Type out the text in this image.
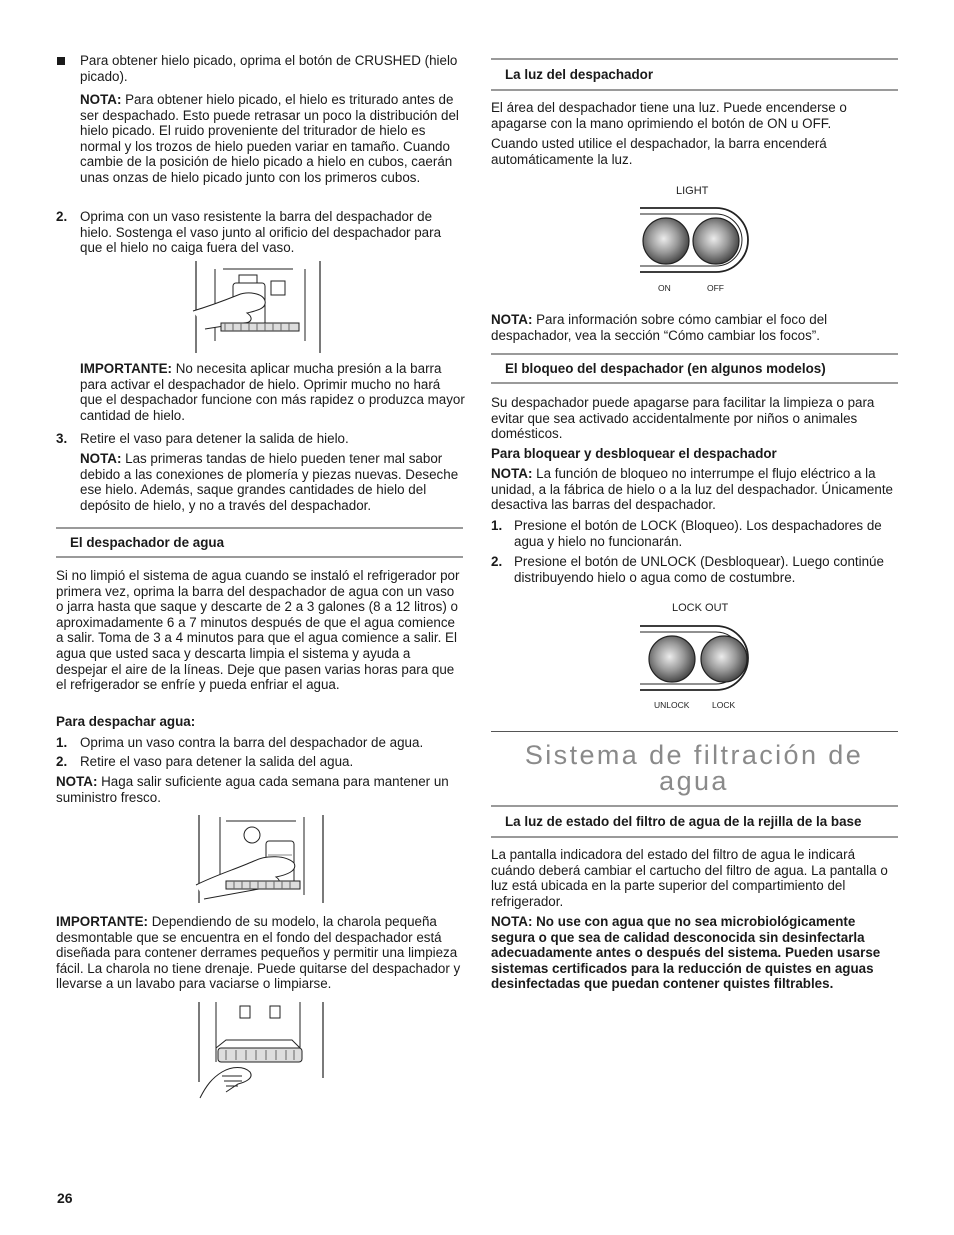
Para obtener hielo picado, oprima el botón de CRUSHED (hielo picado).

NOTA: Para obtener hielo picado, el hielo es triturado antes de ser despachado. Esto puede retrasar un poco la distribución del hielo picado. El ruido proveniente del triturador de hielo es normal y los trozos de hielo pueden variar en tamaño. Cuando cambie de la posición de hielo picado a hielo en cubos, caerán unas onzas de hielo picado junto con los primeros cubos.

2. Oprima con un vaso resistente la barra del despachador de hielo. Sostenga el vaso junto al orificio del despachador para que el hielo no caiga fuera del vaso.

IMPORTANTE: No necesita aplicar mucha presión a la barra para activar el despachador de hielo. Oprimir mucho no hará que el despachador funcione con más rapidez o produzca mayor cantidad de hielo.

3. Retire el vaso para detener la salida de hielo.

NOTA: Las primeras tandas de hielo pueden tener mal sabor debido a las conexiones de plomería y piezas nuevas. Deseche ese hielo. Además, saque grandes cantidades de hielo del depósito de hielo, y no a través del despachador.

El despachador de agua

Si no limpió el sistema de agua cuando se instaló el refrigerador por primera vez, oprima la barra del despachador de agua con un vaso o jarra hasta que saque y descarte de 2 a 3 galones (8 a 12 litros) o aproximadamente 6 a 7 minutos después de que el agua comience a salir. Toma de 3 a 4 minutos para que el agua comience a salir. El agua que usted saca y descarta limpia el sistema y ayuda a despejar el aire de la líneas. Deje que pasen varias horas para que el refrigerador se enfríe y pueda enfriar el agua.

Para despachar agua:

1. Oprima un vaso contra la barra del despachador de agua.

2. Retire el vaso para detener la salida del agua.

NOTA: Haga salir suficiente agua cada semana para mantener un suministro fresco.

IMPORTANTE: Dependiendo de su modelo, la charola pequeña desmontable que se encuentra en el fondo del despachador está diseñada para contener derrames pequeños y permitir una limpieza fácil. La charola no tiene drenaje. Puede quitarse del despachador y llevarse a un lavabo para vaciarse o limpiarse.

26
La luz del despachador

El área del despachador tiene una luz. Puede encenderse o apagarse con la mano oprimiendo el botón de ON u OFF.

Cuando usted utilice el despachador, la barra encenderá automáticamente la luz.

LIGHT
ON	OFF

NOTA: Para información sobre cómo cambiar el foco del despachador, vea la sección “Cómo cambiar los focos”.

El bloqueo del despachador (en algunos modelos)

Su despachador puede apagarse para facilitar la limpieza o para evitar que sea activado accidentalmente por niños o animales domésticos.

Para bloquear y desbloquear el despachador

NOTA: La función de bloqueo no interrumpe el flujo eléctrico a la unidad, a la fábrica de hielo o a la luz del despachador. Únicamente desactiva las barras del despachador.

1. Presione el botón de LOCK (Bloqueo). Los despachadores de agua y hielo no funcionarán.

2. Presione el botón de UNLOCK (Desbloquear). Luego continúe distribuyendo hielo o agua como de costumbre.

LOCK OUT
UNLOCK	LOCK
Sistema de filtración de
agua
La luz de estado del filtro de agua de la rejilla de la base

La pantalla indicadora del estado del filtro de agua le indicará cuándo deberá cambiar el cartucho del filtro de agua. La pantalla o luz está ubicada en la parte superior del compartimiento del refrigerador.

NOTA: No use con agua que no sea microbiológicamente segura o que sea de calidad desconocida sin desinfectarla adecuadamente antes o después del sistema. Pueden usarse sistemas certificados para la reducción de quistes en aguas desinfectadas que puedan contener quistes filtrables.
